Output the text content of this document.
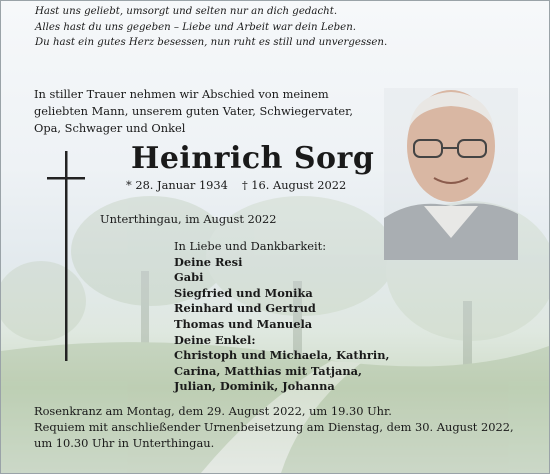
Hast uns geliebt, umsorgt und selten nur an dich gedacht.
Alles hast du uns gegeben – Liebe und Arbeit war dein Leben.
Du hast ein gutes Herz besessen, nun ruht es still und unvergessen.
In stiller Trauer nehmen wir Abschied von meinem
geliebten Mann, unserem guten Vater, Schwiegervater,
Opa, Schwager und Onkel
Heinrich Sorg
* 28. Januar 1934 † 16. August 2022
Unterthingau, im August 2022
In Liebe und Dankbarkeit:
Deine Resi
Gabi
Siegfried und Monika
Reinhard und Gertrud
Thomas und Manuela
Deine Enkel:
Christoph und Michaela, Kathrin,
Carina, Matthias mit Tatjana,
Julian, Dominik, Johanna
Rosenkranz am Montag, dem 29. August 2022, um 19.30 Uhr.
Requiem mit anschließender Urnenbeisetzung am Dienstag, dem 30. August 2022,
um 10.30 Uhr in Unterthingau.
